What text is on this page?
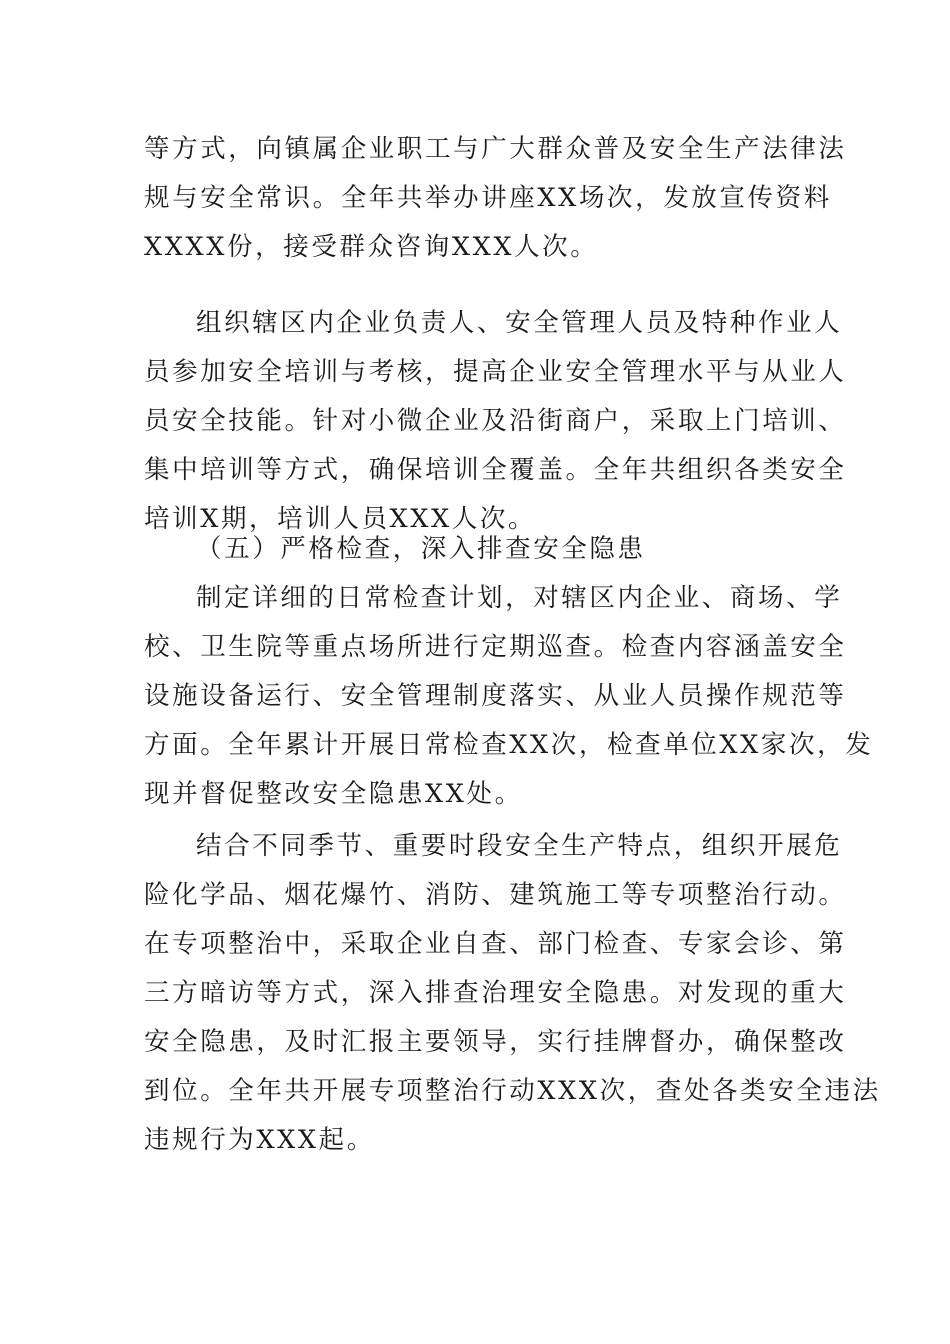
等方式，向镇属企业职工与广大群众普及安全生产法律法
规与安全常识。全年共举办讲座XX场次，发放宣传资料
XXXX份，接受群众咨询XXX人次。
组织辖区内企业负责人、安全管理人员及特种作业人
员参加安全培训与考核，提高企业安全管理水平与从业人
员安全技能。针对小微企业及沿街商户，采取上门培训、
集中培训等方式，确保培训全覆盖。全年共组织各类安全
培训X期，培训人员XXX人次。
（五）严格检查，深入排查安全隐患
制定详细的日常检查计划，对辖区内企业、商场、学
校、卫生院等重点场所进行定期巡查。检查内容涵盖安全
设施设备运行、安全管理制度落实、从业人员操作规范等
方面。全年累计开展日常检查XX次，检查单位XX家次，发
现并督促整改安全隐患XX处。
结合不同季节、重要时段安全生产特点，组织开展危
险化学品、烟花爆竹、消防、建筑施工等专项整治行动。
在专项整治中，采取企业自查、部门检查、专家会诊、第
三方暗访等方式，深入排查治理安全隐患。对发现的重大
安全隐患，及时汇报主要领导，实行挂牌督办，确保整改
到位。全年共开展专项整治行动XXX次，查处各类安全违法
违规行为XXX起。
